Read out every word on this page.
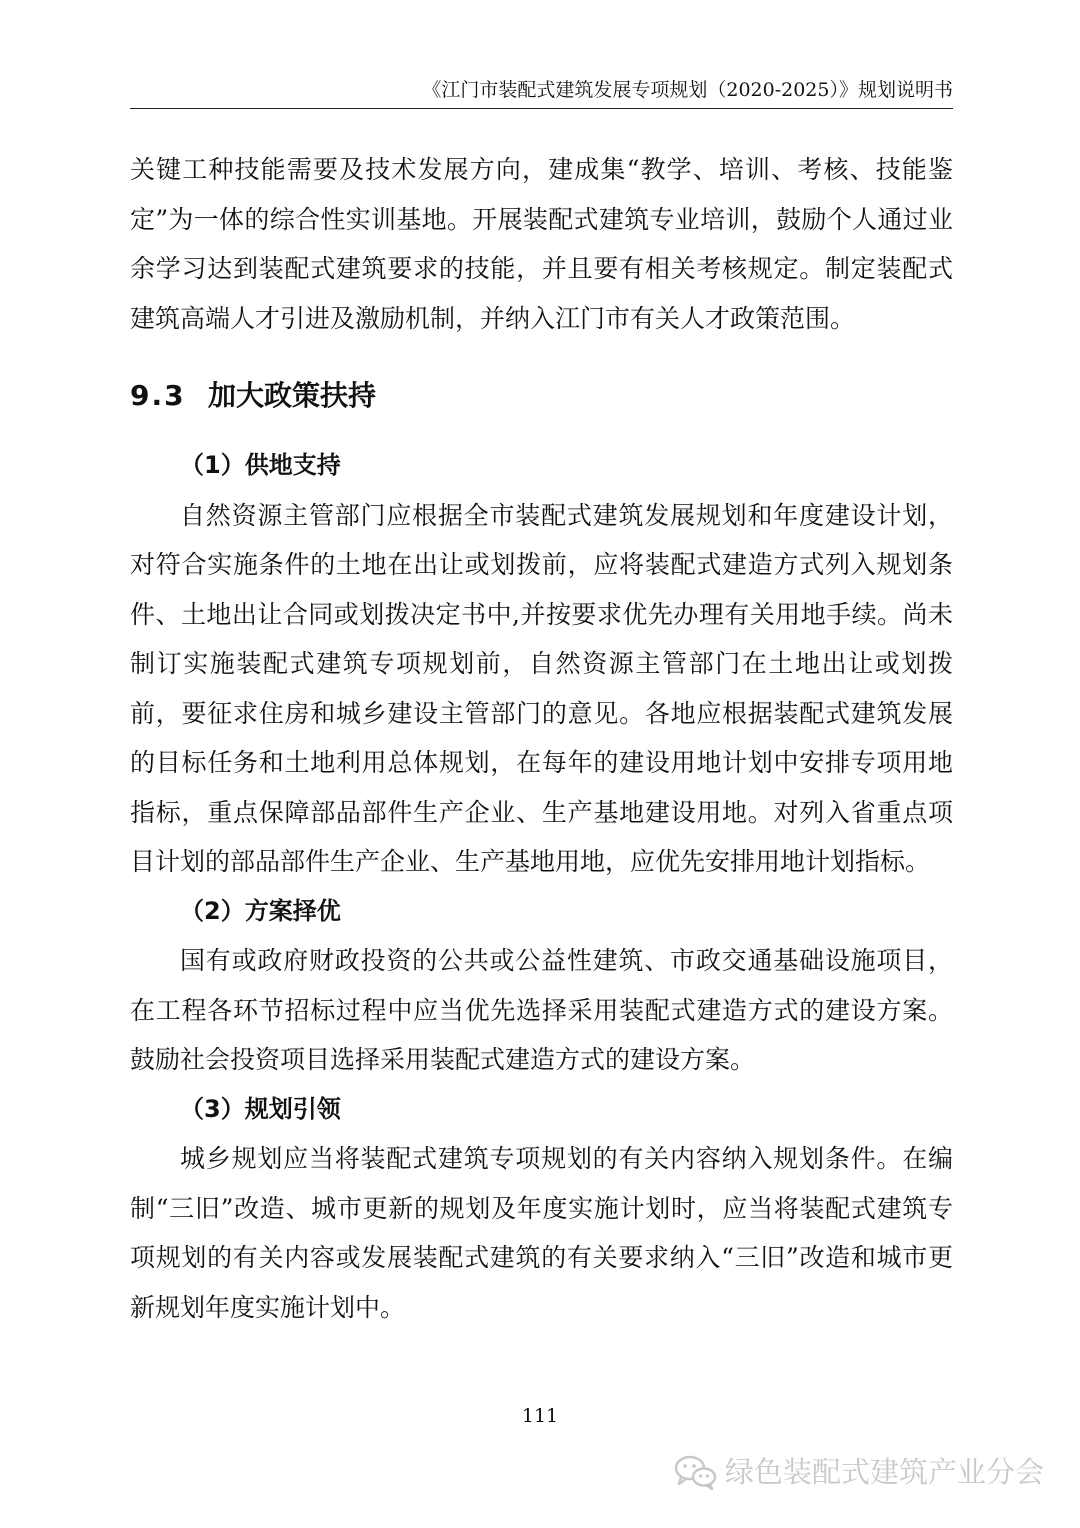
《江门市装配式建筑发展专项规划（2020-2025）》规划说明书

关键工种技能需要及技术发展方向，建成集“教学、培训、考核、技能鉴定”为一体的综合性实训基地。开展装配式建筑专业培训，鼓励个人通过业余学习达到装配式建筑要求的技能，并且要有相关考核规定。制定装配式建筑高端人才引进及激励机制，并纳入江门市有关人才政策范围。

9.3 加大政策扶持

（1）供地支持

自然资源主管部门应根据全市装配式建筑发展规划和年度建设计划，对符合实施条件的土地在出让或划拨前，应将装配式建造方式列入规划条件、土地出让合同或划拨决定书中,并按要求优先办理有关用地手续。尚未制订实施装配式建筑专项规划前，自然资源主管部门在土地出让或划拨前，要征求住房和城乡建设主管部门的意见。各地应根据装配式建筑发展的目标任务和土地利用总体规划，在每年的建设用地计划中安排专项用地指标，重点保障部品部件生产企业、生产基地建设用地。对列入省重点项目计划的部品部件生产企业、生产基地用地，应优先安排用地计划指标。

（2）方案择优

国有或政府财政投资的公共或公益性建筑、市政交通基础设施项目，在工程各环节招标过程中应当优先选择采用装配式建造方式的建设方案。鼓励社会投资项目选择采用装配式建造方式的建设方案。

（3）规划引领

城乡规划应当将装配式建筑专项规划的有关内容纳入规划条件。在编制“三旧”改造、城市更新的规划及年度实施计划时，应当将装配式建筑专项规划的有关内容或发展装配式建筑的有关要求纳入“三旧”改造和城市更新规划年度实施计划中。

111
绿色装配式建筑产业分会
